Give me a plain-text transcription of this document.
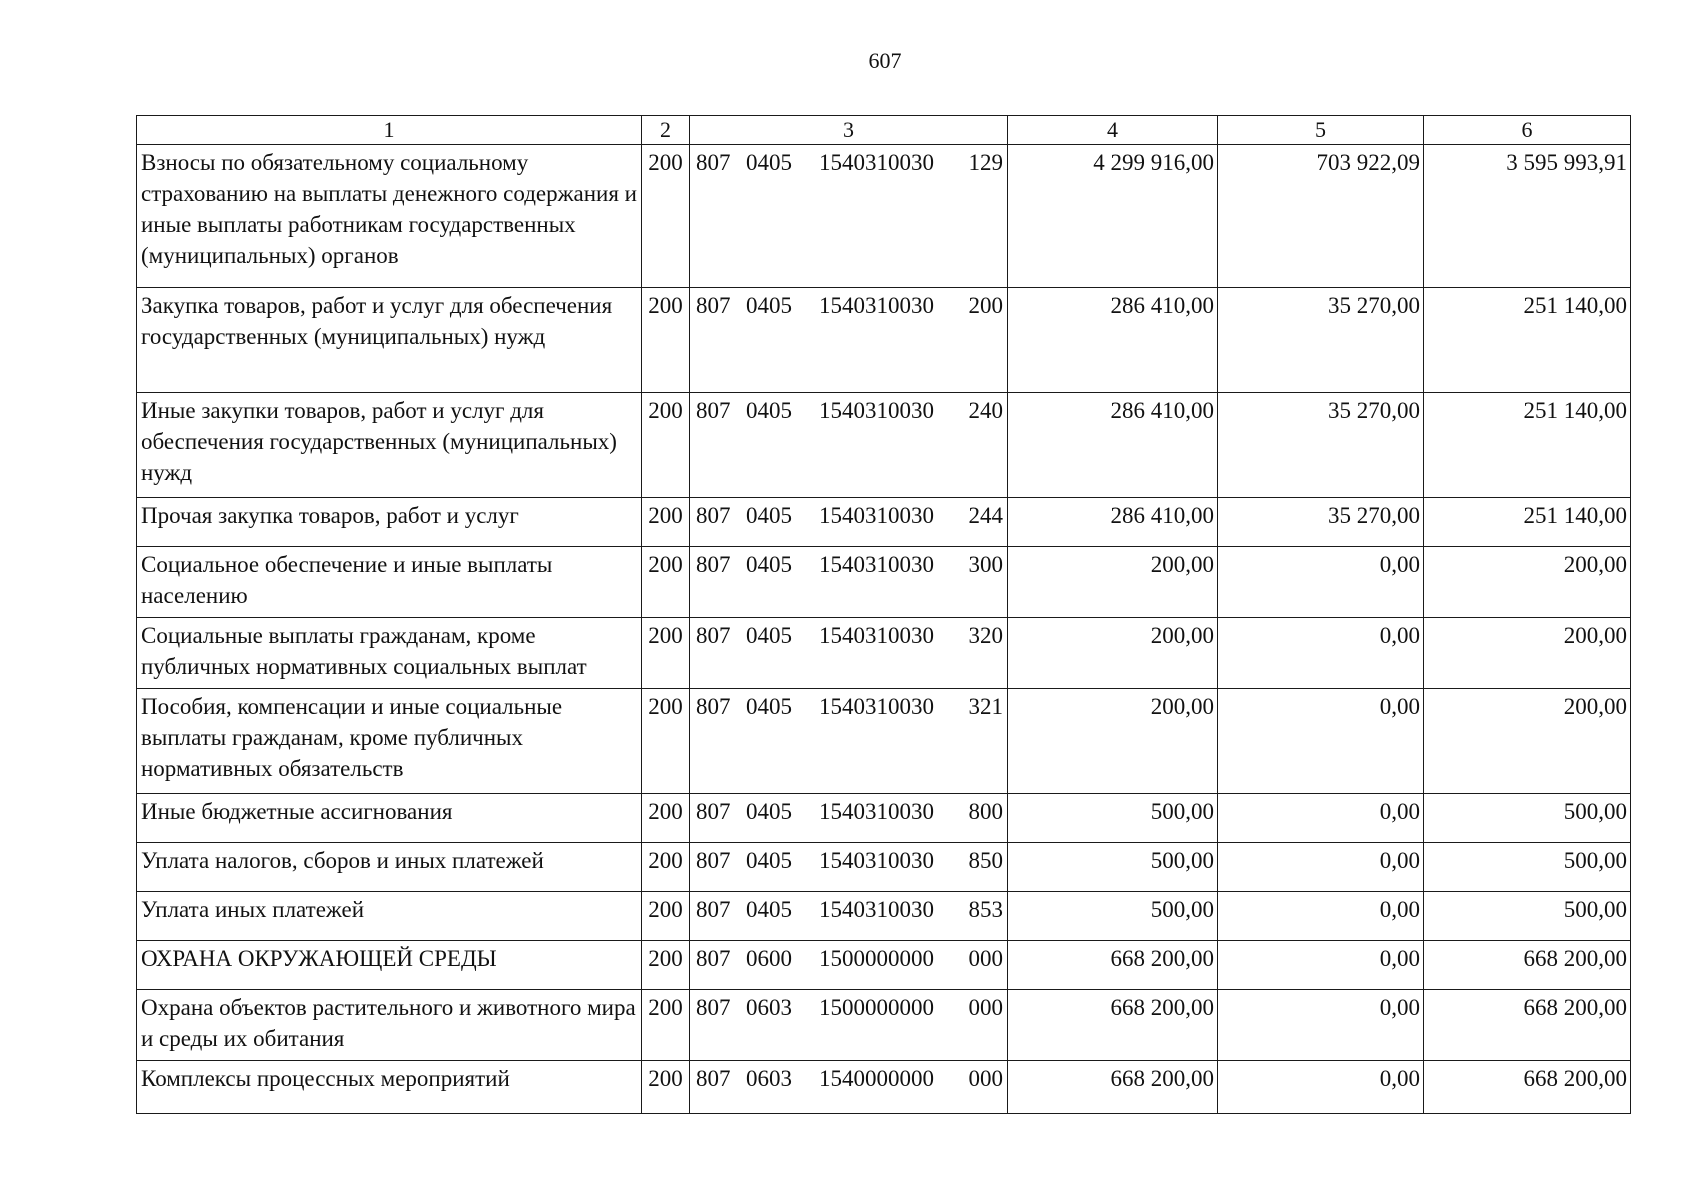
607
1	2	3	4	5	6
Взносы по обязательному социальному страхованию на выплаты денежного содержания и иные выплаты работникам государственных (муниципальных) органов	200	807 0405 1540310030 129	4 299 916,00	703 922,09	3 595 993,91
Закупка товаров, работ и услуг для обеспечения государственных (муниципальных) нужд	200	807 0405 1540310030 200	286 410,00	35 270,00	251 140,00
Иные закупки товаров, работ и услуг для обеспечения государственных (муниципальных) нужд	200	807 0405 1540310030 240	286 410,00	35 270,00	251 140,00
Прочая закупка товаров, работ и услуг	200	807 0405 1540310030 244	286 410,00	35 270,00	251 140,00
Социальное обеспечение и иные выплаты населению	200	807 0405 1540310030 300	200,00	0,00	200,00
Социальные выплаты гражданам, кроме публичных нормативных социальных выплат	200	807 0405 1540310030 320	200,00	0,00	200,00
Пособия, компенсации и иные социальные выплаты гражданам, кроме публичных нормативных обязательств	200	807 0405 1540310030 321	200,00	0,00	200,00
Иные бюджетные ассигнования	200	807 0405 1540310030 800	500,00	0,00	500,00
Уплата налогов, сборов и иных платежей	200	807 0405 1540310030 850	500,00	0,00	500,00
Уплата иных платежей	200	807 0405 1540310030 853	500,00	0,00	500,00
ОХРАНА ОКРУЖАЮЩЕЙ СРЕДЫ	200	807 0600 1500000000 000	668 200,00	0,00	668 200,00
Охрана объектов растительного и животного мира и среды их обитания	200	807 0603 1500000000 000	668 200,00	0,00	668 200,00
Комплексы процессных мероприятий	200	807 0603 1540000000 000	668 200,00	0,00	668 200,00
